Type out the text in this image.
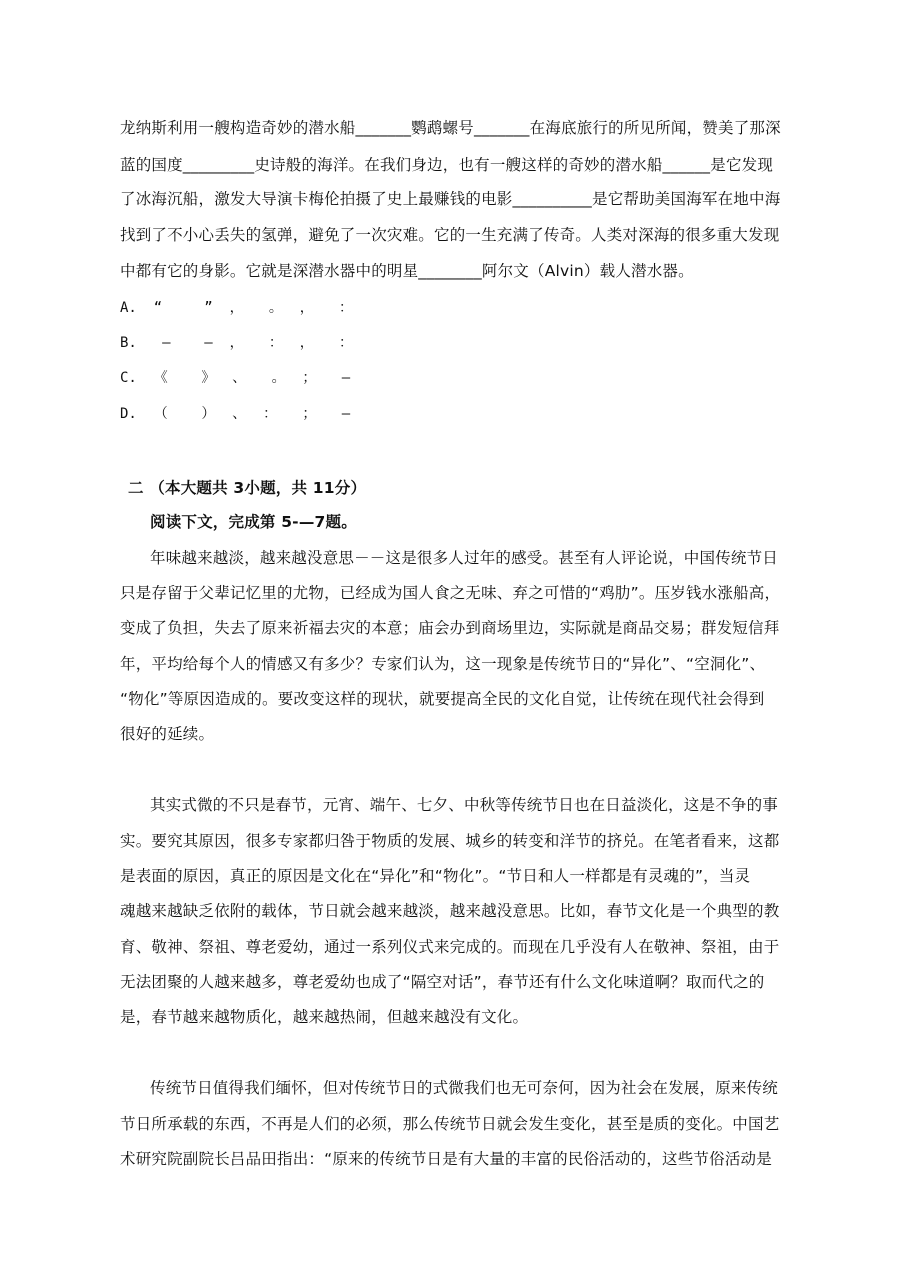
龙纳斯利用一艘构造奇妙的潜水船_______鹦鹉螺号_______在海底旅行的所见所闻，赞美了那深
蓝的国度_________史诗般的海洋。在我们身边，也有一艘这样的奇妙的潜水船______是它发现
了冰海沉船，激发大导演卡梅伦拍摄了史上最赚钱的电影__________是它帮助美国海军在地中海
找到了不小心丢失的氢弹，避免了一次灾难。它的一生充满了传奇。人类对深海的很多重大发现
中都有它的身影。它就是深潜水器中的明星________阿尔文（Alvin）载人潜水器。
A.  “     ”  ，   。  ，   ：
B.   —    —  ，   ：  ，   ：
C.  《    》  、   。  ；   —
D.  （    ）  、  ：   ；   —
二 （本大题共 3小题，共 11分）
阅读下文，完成第 5-—7题。
年味越来越淡，越来越没意思－－这是很多人过年的感受。甚至有人评论说，中国传统节日
只是存留于父辈记忆里的尤物，已经成为国人食之无味、弃之可惜的“鸡肋”。压岁钱水涨船高，
变成了负担，失去了原来祈福去灾的本意；庙会办到商场里边，实际就是商品交易；群发短信拜
年，平均给每个人的情感又有多少？专家们认为，这一现象是传统节日的“异化”、“空洞化”、
“物化”等原因造成的。要改变这样的现状，就要提高全民的文化自觉，让传统在现代社会得到
很好的延续。
其实式微的不只是春节，元宵、端午、七夕、中秋等传统节日也在日益淡化，这是不争的事
实。要究其原因，很多专家都归咎于物质的发展、城乡的转变和洋节的挤兑。在笔者看来，这都
是表面的原因，真正的原因是文化在“异化”和“物化”。“节日和人一样都是有灵魂的”，当灵
魂越来越缺乏依附的载体，节日就会越来越淡，越来越没意思。比如，春节文化是一个典型的教
育、敬神、祭祖、尊老爱幼，通过一系列仪式来完成的。而现在几乎没有人在敬神、祭祖，由于
无法团聚的人越来越多，尊老爱幼也成了“隔空对话”，春节还有什么文化味道啊？取而代之的
是，春节越来越物质化，越来越热闹，但越来越没有文化。
传统节日值得我们缅怀，但对传统节日的式微我们也无可奈何，因为社会在发展，原来传统
节日所承载的东西，不再是人们的必须，那么传统节日就会发生变化，甚至是质的变化。中国艺
术研究院副院长吕品田指出：“原来的传统节日是有大量的丰富的民俗活动的，这些节俗活动是
